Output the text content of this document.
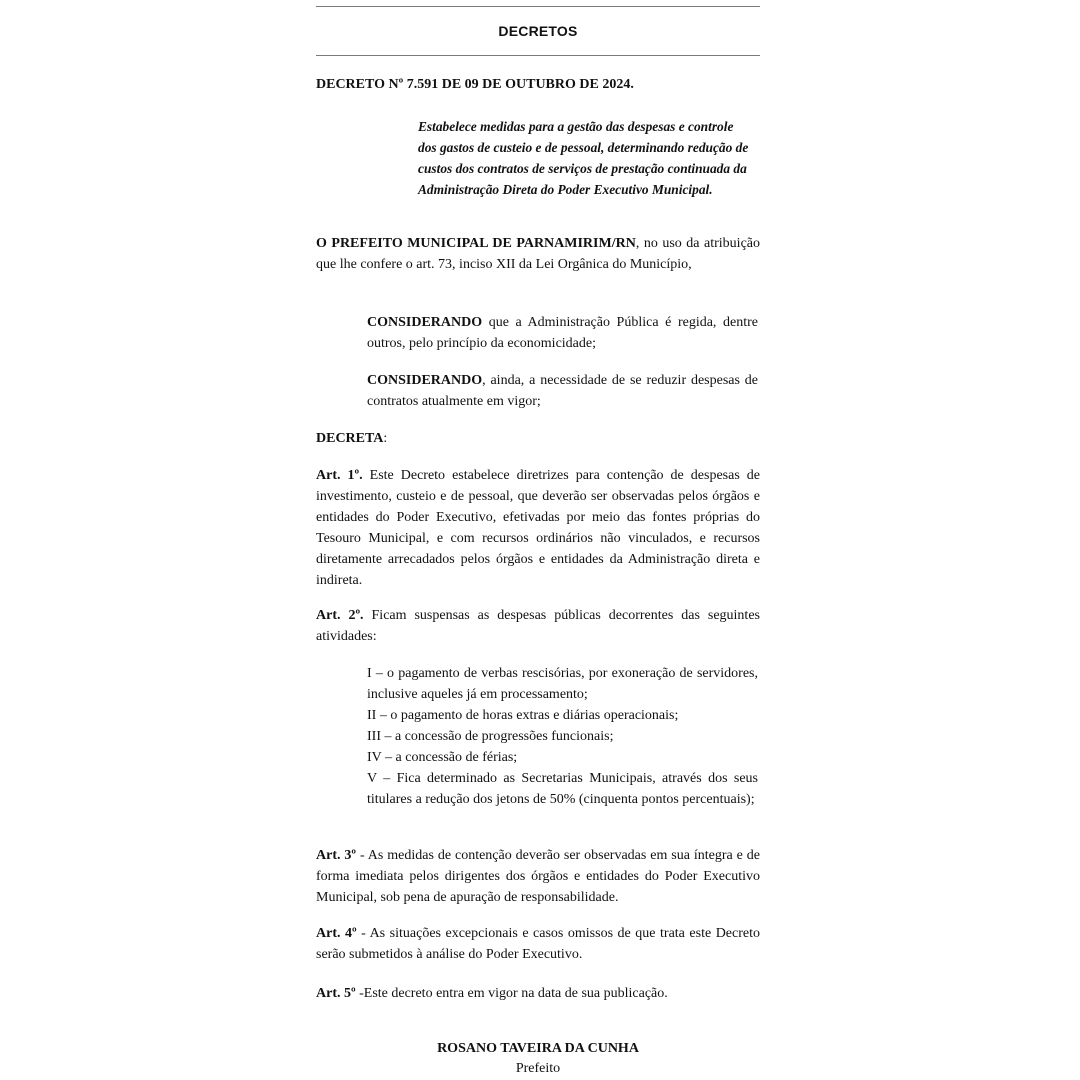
DECRETOS
DECRETO Nº 7.591 DE 09 DE OUTUBRO DE 2024.

Estabelece medidas para a gestão das despesas e controle dos gastos de custeio e de pessoal, determinando redução de custos dos contratos de serviços de prestação continuada da Administração Direta do Poder Executivo Municipal.

O PREFEITO MUNICIPAL DE PARNAMIRIM/RN, no uso da atribuição que lhe confere o art. 73, inciso XII da Lei Orgânica do Município,

CONSIDERANDO que a Administração Pública é regida, dentre outros, pelo princípio da economicidade;

CONSIDERANDO, ainda, a necessidade de se reduzir despesas de contratos atualmente em vigor;

DECRETA:

Art. 1º. Este Decreto estabelece diretrizes para contenção de despesas de investimento, custeio e de pessoal, que deverão ser observadas pelos órgãos e entidades do Poder Executivo, efetivadas por meio das fontes próprias do Tesouro Municipal, e com recursos ordinários não vinculados, e recursos diretamente arrecadados pelos órgãos e entidades da Administração direta e indireta.

Art. 2º. Ficam suspensas as despesas públicas decorrentes das seguintes atividades:

I – o pagamento de verbas rescisórias, por exoneração de servidores, inclusive aqueles já em processamento;

II – o pagamento de horas extras e diárias operacionais;

III – a concessão de progressões funcionais;

IV – a concessão de férias;

V – Fica determinado as Secretarias Municipais, através dos seus titulares a redução dos jetons de 50% (cinquenta pontos percentuais);

Art. 3º - As medidas de contenção deverão ser observadas em sua íntegra e de forma imediata pelos dirigentes dos órgãos e entidades do Poder Executivo Municipal, sob pena de apuração de responsabilidade.

Art. 4º - As situações excepcionais e casos omissos de que trata este Decreto serão submetidos à análise do Poder Executivo.

Art. 5º -Este decreto entra em vigor na data de sua publicação.

ROSANO TAVEIRA DA CUNHA
Prefeito
